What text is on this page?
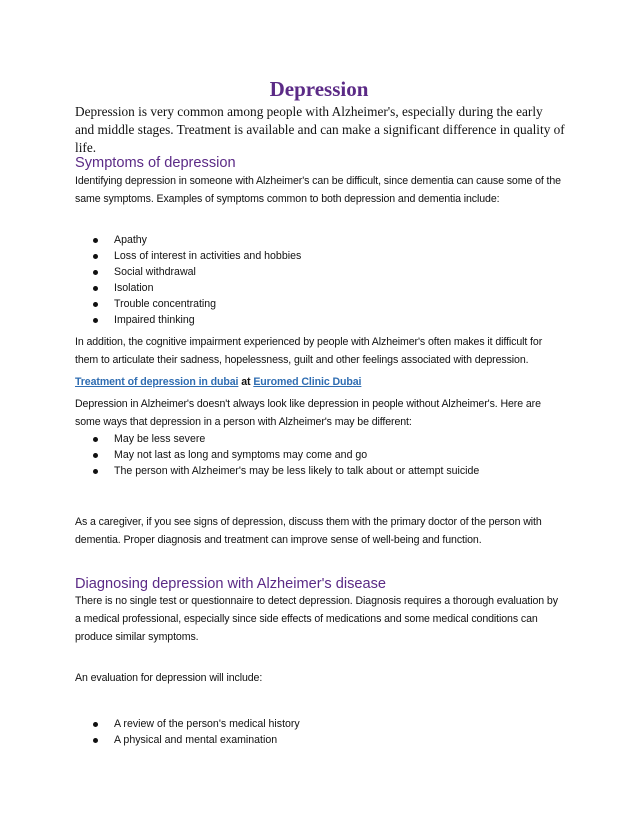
Depression

Depression is very common among people with Alzheimer's, especially during the early and middle stages. Treatment is available and can make a significant difference in quality of life.

Symptoms of depression

Identifying depression in someone with Alzheimer's can be difficult, since dementia can cause some of the same symptoms. Examples of symptoms common to both depression and dementia include:

Apathy
Loss of interest in activities and hobbies
Social withdrawal
Isolation
Trouble concentrating
Impaired thinking

In addition, the cognitive impairment experienced by people with Alzheimer's often makes it difficult for them to articulate their sadness, hopelessness, guilt and other feelings associated with depression.

Treatment of depression in dubai at Euromed Clinic Dubai

Depression in Alzheimer's doesn't always look like depression in people without Alzheimer's. Here are some ways that depression in a person with Alzheimer's may be different:

May be less severe
May not last as long and symptoms may come and go
The person with Alzheimer's may be less likely to talk about or attempt suicide

As a caregiver, if you see signs of depression, discuss them with the primary doctor of the person with dementia. Proper diagnosis and treatment can improve sense of well-being and function.

Diagnosing depression with Alzheimer's disease

There is no single test or questionnaire to detect depression. Diagnosis requires a thorough evaluation by a medical professional, especially since side effects of medications and some medical conditions can produce similar symptoms.

An evaluation for depression will include:

A review of the person's medical history
A physical and mental examination
